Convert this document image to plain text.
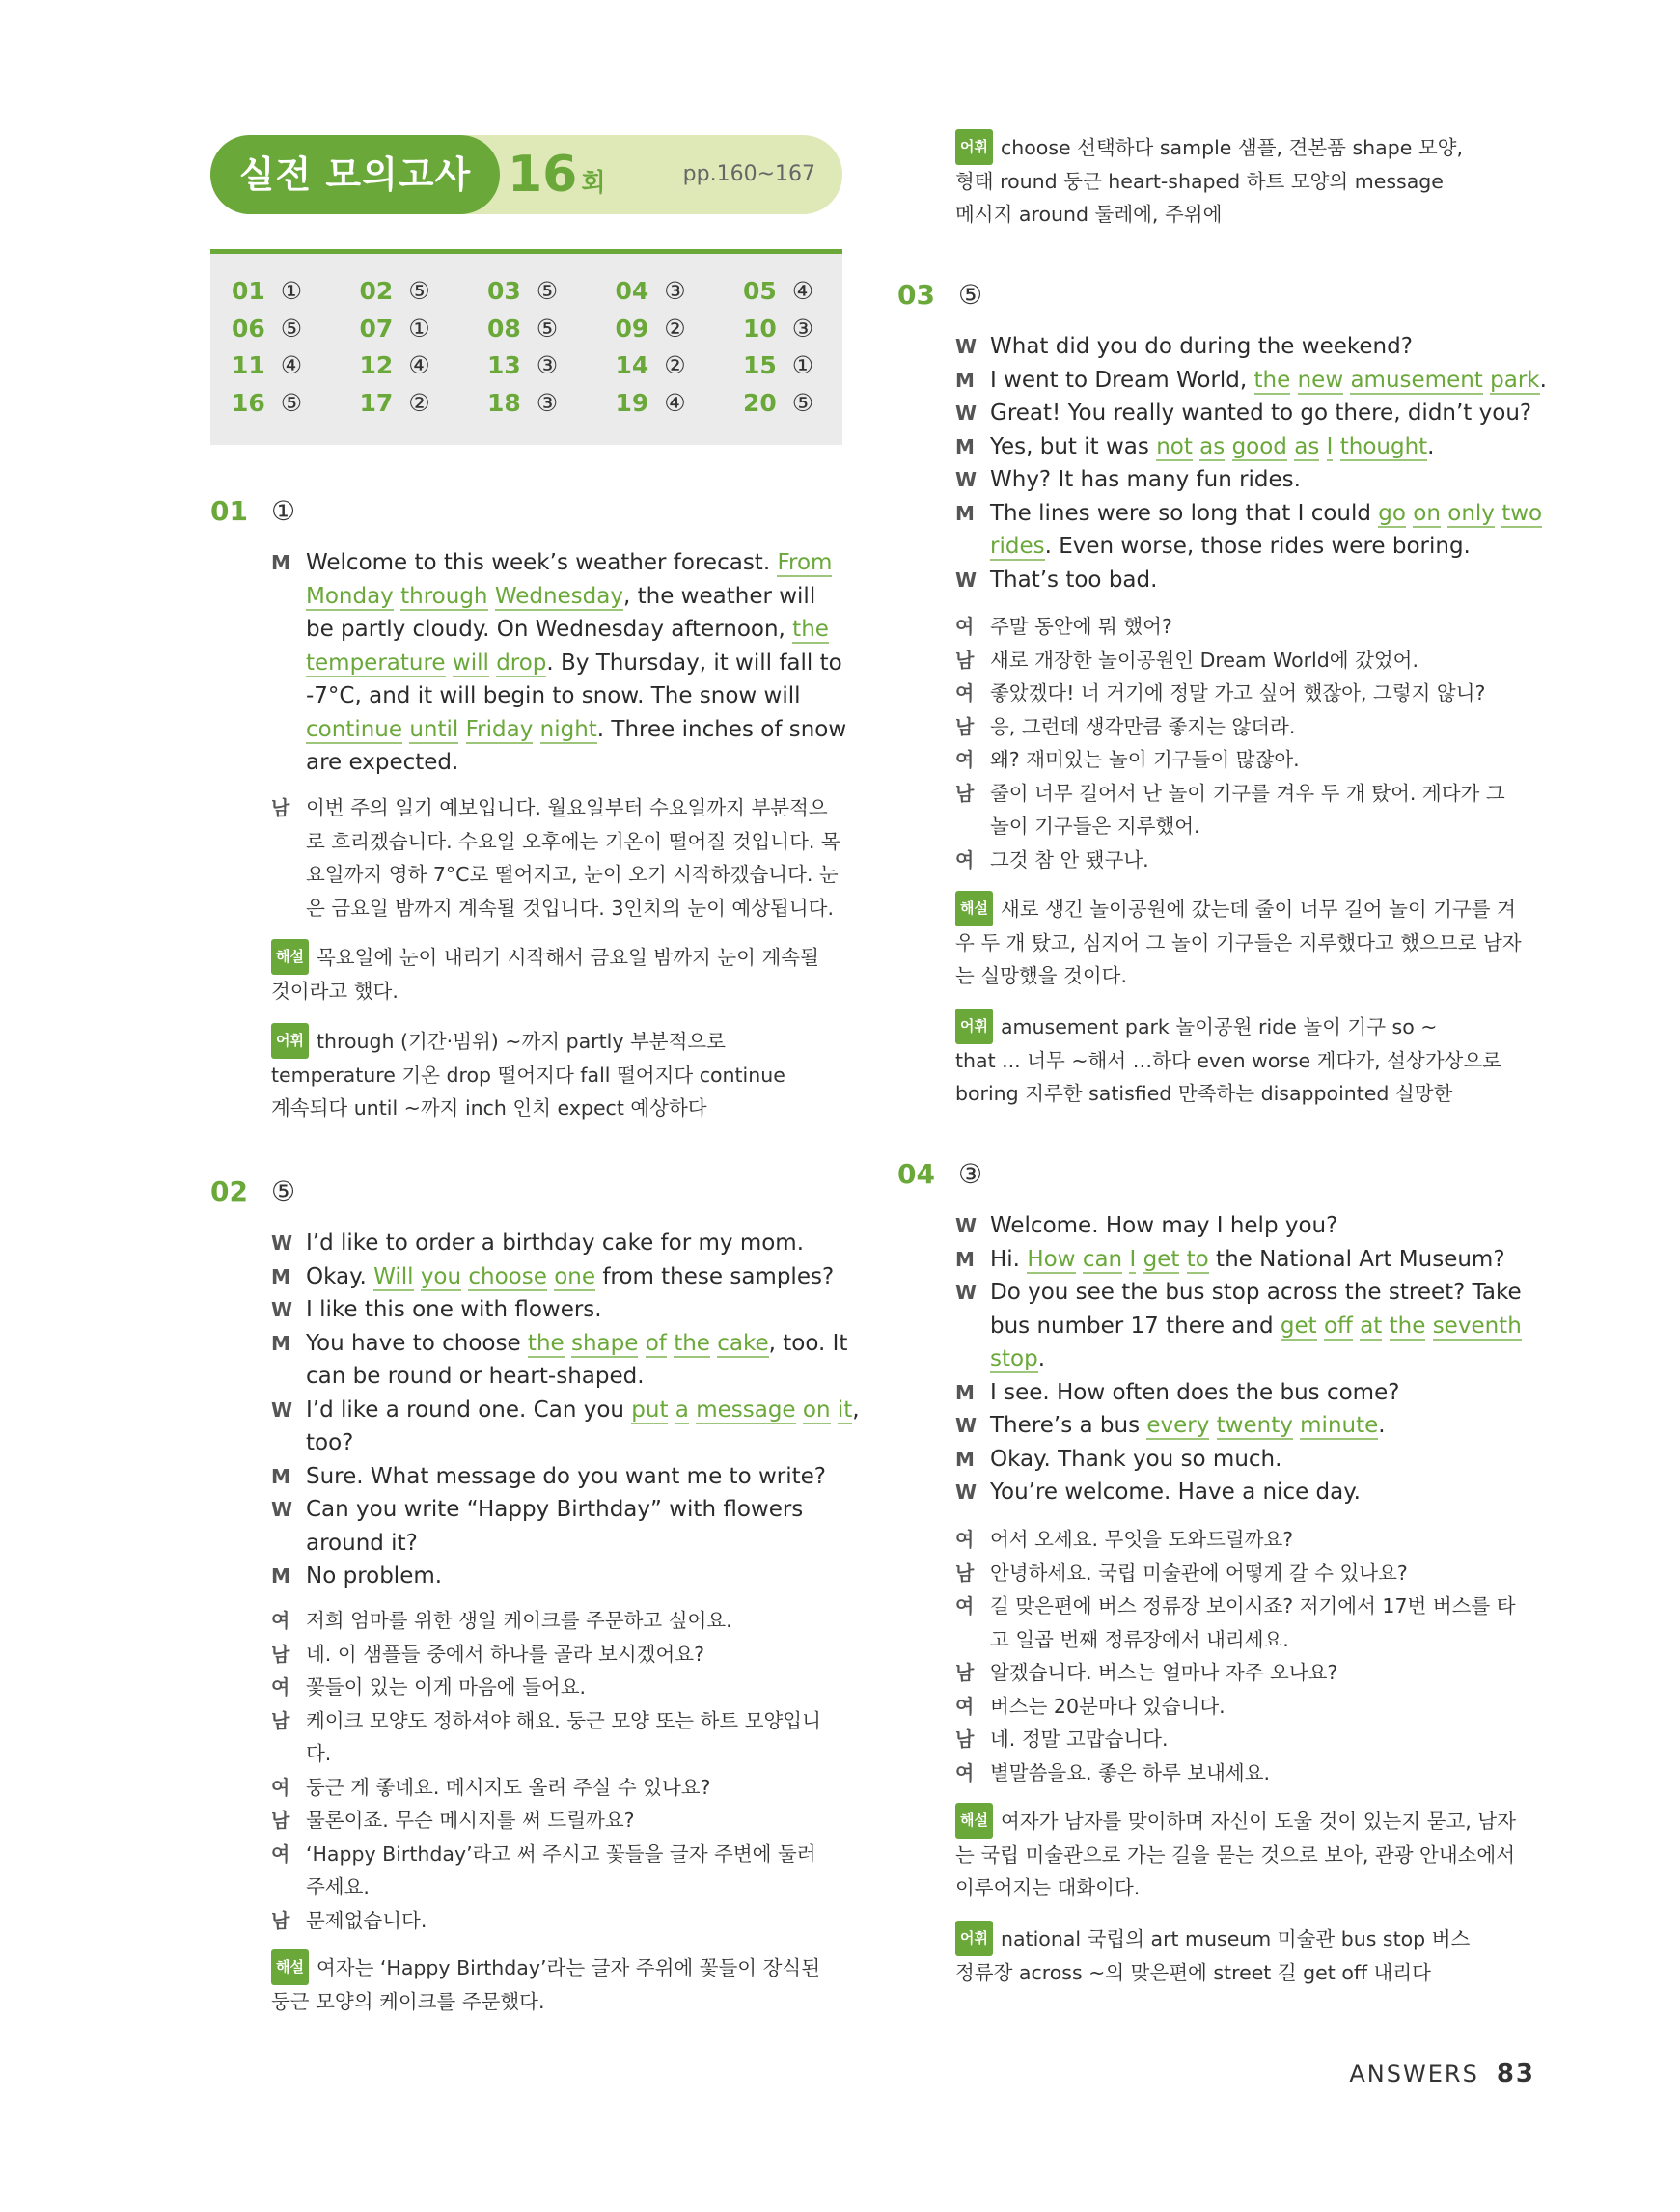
실전 모의고사 16 회	pp.160~167
01 ①	02 ⑤	03 ⑤	04 ③	05 ④
06 ⑤	07 ①	08 ⑤	09 ②	10 ③
11 ④	12 ④	13 ③	14 ②	15 ①
16 ⑤	17 ②	18 ③	19 ④	20 ⑤
01 ①
M Welcome to this week’s weather forecast. From
Monday through Wednesday, the weather will
be partly cloudy. On Wednesday afternoon, the
temperature will drop. By Thursday, it will fall to
-7°C, and it will begin to snow. The snow will
continue until Friday night. Three inches of snow
are expected.
남 이번 주의 일기 예보입니다. 월요일부터 수요일까지 부분적으
로 흐리겠습니다. 수요일 오후에는 기온이 떨어질 것입니다. 목
요일까지 영하 7°C로 떨어지고, 눈이 오기 시작하겠습니다. 눈
은 금요일 밤까지 계속될 것입니다. 3인치의 눈이 예상됩니다.
해설 목요일에 눈이 내리기 시작해서 금요일 밤까지 눈이 계속될
것이라고 했다.
어휘 through (기간·범위) ~까지 partly 부분적으로
temperature 기온 drop 떨어지다 fall 떨어지다 continue
계속되다 until ~까지 inch 인치 expect 예상하다
02 ⑤
W I’d like to order a birthday cake for my mom.
M Okay. Will you choose one from these samples?
W I like this one with flowers.
M You have to choose the shape of the cake, too. It
can be round or heart-shaped.
W I’d like a round one. Can you put a message on it,
too?
M Sure. What message do you want me to write?
W Can you write “Happy Birthday” with flowers
around it?
M No problem.
여 저희 엄마를 위한 생일 케이크를 주문하고 싶어요.
남 네. 이 샘플들 중에서 하나를 골라 보시겠어요?
여 꽃들이 있는 이게 마음에 들어요.
남 케이크 모양도 정하셔야 해요. 둥근 모양 또는 하트 모양입니
다.
여 둥근 게 좋네요. 메시지도 올려 주실 수 있나요?
남 물론이죠. 무슨 메시지를 써 드릴까요?
여 ‘Happy Birthday’라고 써 주시고 꽃들을 글자 주변에 둘러
주세요.
남 문제없습니다.
해설 여자는 ‘Happy Birthday’라는 글자 주위에 꽃들이 장식된
둥근 모양의 케이크를 주문했다.
어휘 choose 선택하다 sample 샘플, 견본품 shape 모양,
형태 round 둥근 heart-shaped 하트 모양의 message
메시지 around 둘레에, 주위에
03 ⑤
W What did you do during the weekend?
M I went to Dream World, the new amusement park.
W Great! You really wanted to go there, didn’t you?
M Yes, but it was not as good as I thought.
W Why? It has many fun rides.
M The lines were so long that I could go on only two
rides. Even worse, those rides were boring.
W That’s too bad.
여 주말 동안에 뭐 했어?
남 새로 개장한 놀이공원인 Dream World에 갔었어.
여 좋았겠다! 너 거기에 정말 가고 싶어 했잖아, 그렇지 않니?
남 응, 그런데 생각만큼 좋지는 않더라.
여 왜? 재미있는 놀이 기구들이 많잖아.
남 줄이 너무 길어서 난 놀이 기구를 겨우 두 개 탔어. 게다가 그
놀이 기구들은 지루했어.
여 그것 참 안 됐구나.
해설 새로 생긴 놀이공원에 갔는데 줄이 너무 길어 놀이 기구를 겨
우 두 개 탔고, 심지어 그 놀이 기구들은 지루했다고 했으므로 남자
는 실망했을 것이다.
어휘 amusement park 놀이공원 ride 놀이 기구 so ~
that ... 너무 ~해서 …하다 even worse 게다가, 설상가상으로
boring 지루한 satisfied 만족하는 disappointed 실망한
04 ③
W Welcome. How may I help you?
M Hi. How can I get to the National Art Museum?
W Do you see the bus stop across the street? Take
bus number 17 there and get off at the seventh
stop.
M I see. How often does the bus come?
W There’s a bus every twenty minute.
M Okay. Thank you so much.
W You’re welcome. Have a nice day.
여 어서 오세요. 무엇을 도와드릴까요?
남 안녕하세요. 국립 미술관에 어떻게 갈 수 있나요?
여 길 맞은편에 버스 정류장 보이시죠? 저기에서 17번 버스를 타
고 일곱 번째 정류장에서 내리세요.
남 알겠습니다. 버스는 얼마나 자주 오나요?
여 버스는 20분마다 있습니다.
남 네. 정말 고맙습니다.
여 별말씀을요. 좋은 하루 보내세요.
해설 여자가 남자를 맞이하며 자신이 도울 것이 있는지 묻고, 남자
는 국립 미술관으로 가는 길을 묻는 것으로 보아, 관광 안내소에서
이루어지는 대화이다.
어휘 national 국립의 art museum 미술관 bus stop 버스
정류장 across ~의 맞은편에 street 길 get off 내리다
ANSWERS 83
